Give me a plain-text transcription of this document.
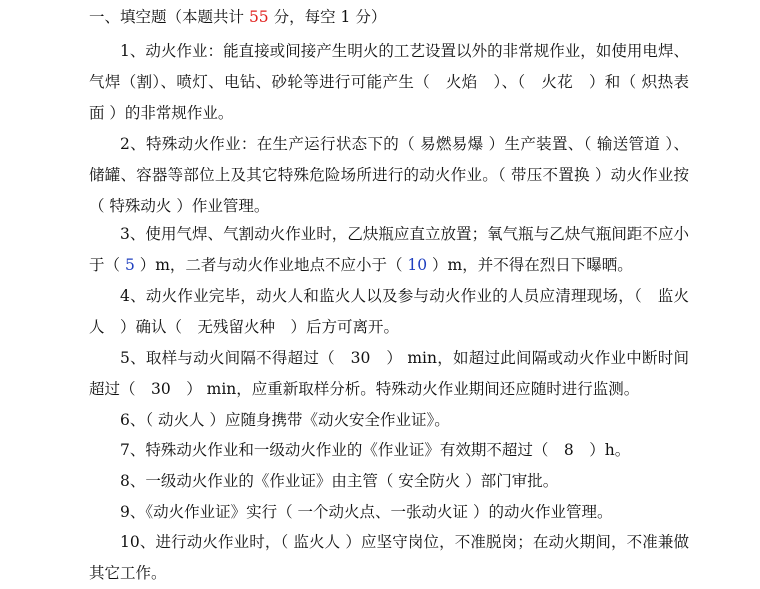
一、填空题（本题共计 55 分，每空 1 分）
1、动火作业：能直接或间接产生明火的工艺设置以外的非常规作业，如使用电焊、气焊（割）、喷灯、电钻、砂轮等进行可能产生（　火焰　）、（　火花　）和（ 炽热表面 ）的非常规作业。
2、特殊动火作业：在生产运行状态下的（ 易燃易爆 ）生产装置、（ 输送管道 ）、储罐、容器等部位上及其它特殊危险场所进行的动火作业。（ 带压不置换 ）动火作业按（ 特殊动火 ）作业管理。
3、使用气焊、气割动火作业时，乙炔瓶应直立放置；氧气瓶与乙炔气瓶间距不应小于（ 5 ）m，二者与动火作业地点不应小于（ 10 ）m，并不得在烈日下曝晒。
4、动火作业完毕，动火人和监火人以及参与动火作业的人员应清理现场，（　监火人　）确认（　无残留火种　）后方可离开。
5、取样与动火间隔不得超过（　30　） min，如超过此间隔或动火作业中断时间超过（　30　） min，应重新取样分析。特殊动火作业期间还应随时进行监测。
6、（ 动火人 ）应随身携带《动火安全作业证》。
7、特殊动火作业和一级动火作业的《作业证》有效期不超过（　8　）h。
8、一级动火作业的《作业证》由主管（ 安全防火 ）部门审批。
9、《动火作业证》实行（ 一个动火点、一张动火证 ）的动火作业管理。
10、进行动火作业时，（ 监火人 ）应坚守岗位，不准脱岗；在动火期间，不准兼做其它工作。
